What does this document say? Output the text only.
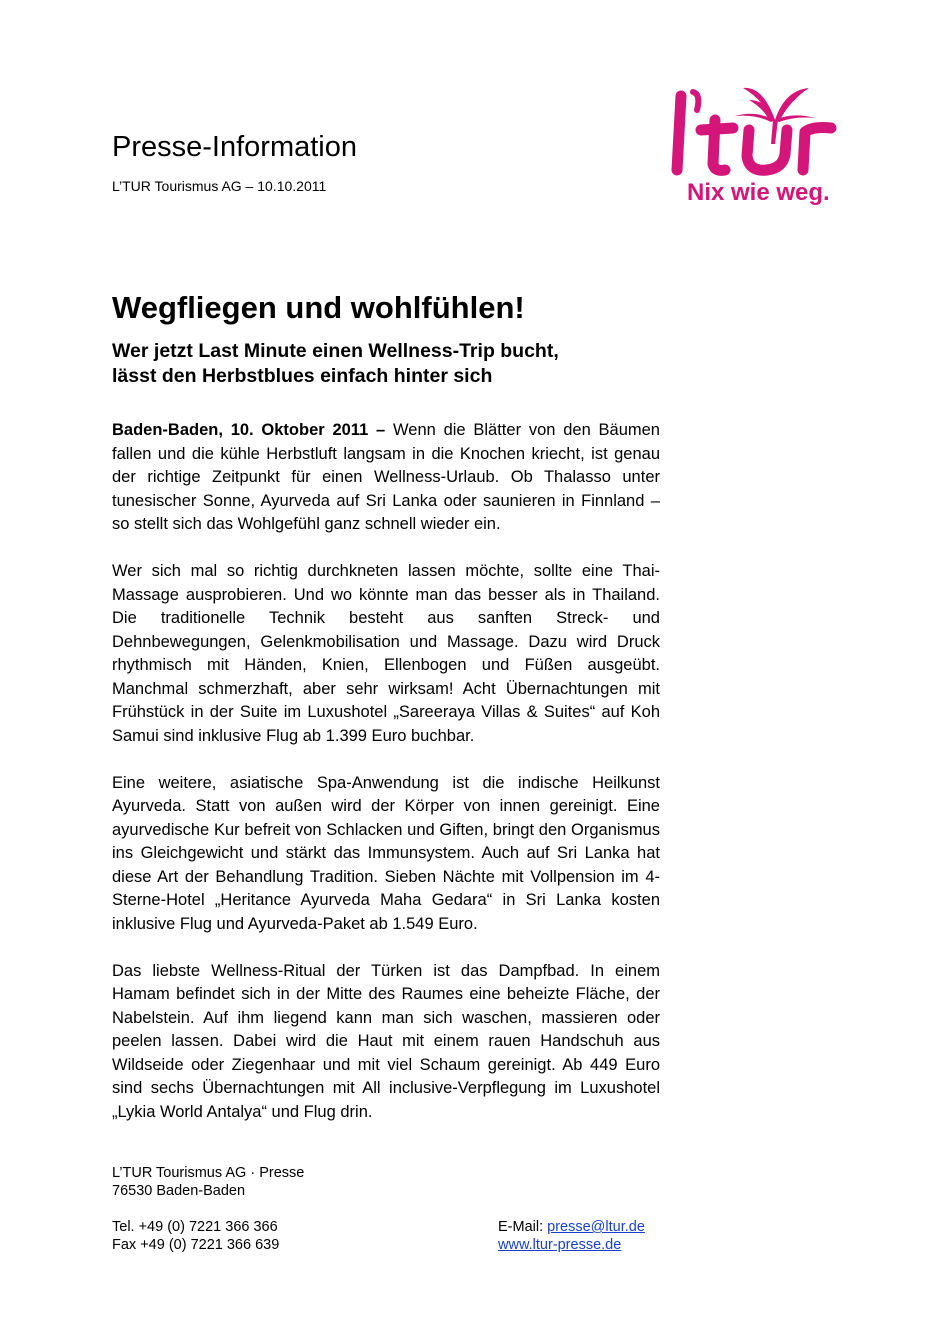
Presse-Information
L’TUR Tourismus AG – 10.10.2011	Nix wie weg.
Wegfliegen und wohlfühlen!
Wer jetzt Last Minute einen Wellness-Trip bucht,
lässt den Herbstblues einfach hinter sich

Baden-Baden, 10. Oktober 2011 – Wenn die Blätter von den Bäumen fallen und die kühle Herbstluft langsam in die Knochen kriecht, ist genau der richtige Zeitpunkt für einen Wellness-Urlaub. Ob Thalasso unter tunesischer Sonne, Ayurveda auf Sri Lanka oder saunieren in Finnland – so stellt sich das Wohlgefühl ganz schnell wieder ein.

Wer sich mal so richtig durchkneten lassen möchte, sollte eine Thai-Massage ausprobieren. Und wo könnte man das besser als in Thailand. Die traditionelle Technik besteht aus sanften Streck- und Dehnbewegungen, Gelenkmobilisation und Massage. Dazu wird Druck rhythmisch mit Händen, Knien, Ellenbogen und Füßen ausgeübt. Manchmal schmerzhaft, aber sehr wirksam! Acht Übernachtungen mit Frühstück in der Suite im Luxushotel „Sareeraya Villas & Suites“ auf Koh Samui sind inklusive Flug ab 1.399 Euro buchbar.

Eine weitere, asiatische Spa-Anwendung ist die indische Heilkunst Ayurveda. Statt von außen wird der Körper von innen gereinigt. Eine ayurvedische Kur befreit von Schlacken und Giften, bringt den Organismus ins Gleichgewicht und stärkt das Immunsystem. Auch auf Sri Lanka hat diese Art der Behandlung Tradition. Sieben Nächte mit Vollpension im 4-Sterne-Hotel „Heritance Ayurveda Maha Gedara“ in Sri Lanka kosten inklusive Flug und Ayurveda-Paket ab 1.549 Euro.

Das liebste Wellness-Ritual der Türken ist das Dampfbad. In einem Hamam befindet sich in der Mitte des Raumes eine beheizte Fläche, der Nabelstein. Auf ihm liegend kann man sich waschen, massieren oder peelen lassen. Dabei wird die Haut mit einem rauen Handschuh aus Wildseide oder Ziegenhaar und mit viel Schaum gereinigt. Ab 449 Euro sind sechs Übernachtungen mit All inclusive-Verpflegung im Luxushotel „Lykia World Antalya“ und Flug drin.

L’TUR Tourismus AG · Presse
76530 Baden-Baden
Tel. +49 (0) 7221 366 366	E-Mail: presse@ltur.de
Fax +49 (0) 7221 366 639	www.ltur-presse.de
